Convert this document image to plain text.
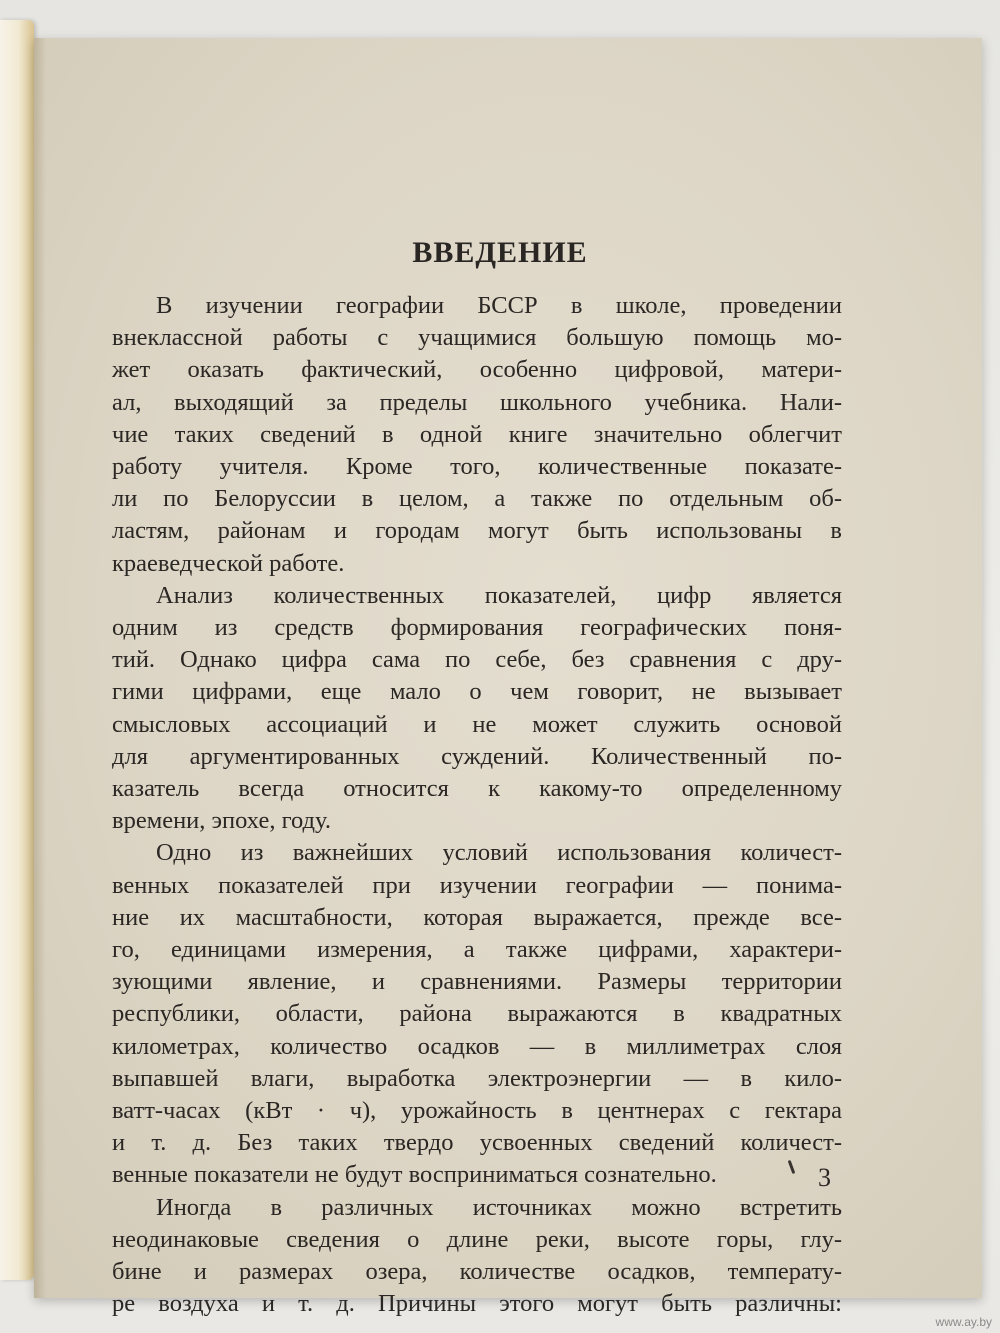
ВВЕДЕНИЕ
В изучении географии БССР в школе, проведении
внеклассной работы с учащимися большую помощь мо-
жет оказать фактический, особенно цифровой, матери-
ал, выходящий за пределы школьного учебника. Нали-
чие таких сведений в одной книге значительно облегчит
работу учителя. Кроме того, количественные показате-
ли по Белоруссии в целом, а также по отдельным об-
ластям, районам и городам могут быть использованы в
краеведческой работе.
Анализ количественных показателей, цифр является
одним из средств формирования географических поня-
тий. Однако цифра сама по себе, без сравнения с дру-
гими цифрами, еще мало о чем говорит, не вызывает
смысловых ассоциаций и не может служить основой
для аргументированных суждений. Количественный по-
казатель всегда относится к какому-то определенному
времени, эпохе, году.
Одно из важнейших условий использования количест-
венных показателей при изучении географии — понима-
ние их масштабности, которая выражается, прежде все-
го, единицами измерения, а также цифрами, характери-
зующими явление, и сравнениями. Размеры территории
республики, области, района выражаются в квадратных
километрах, количество осадков — в миллиметрах слоя
выпавшей влаги, выработка электроэнергии — в кило-
ватт-часах (кВт · ч), урожайность в центнерах с гектара
и т. д. Без таких твердо усвоенных сведений количест-
венные показатели не будут восприниматься сознательно.
Иногда в различных источниках можно встретить
неодинаковые сведения о длине реки, высоте горы, глу-
бине и размерах озера, количестве осадков, температу-
ре воздуха и т. д. Причины этого могут быть различны:
3
www.ay.by
